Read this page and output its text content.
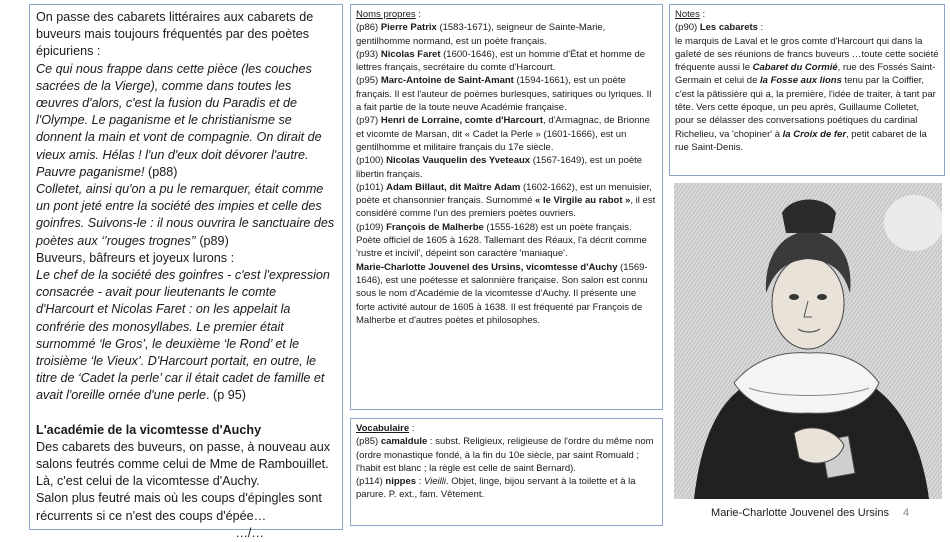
On passe des cabarets littéraires aux cabarets de buveurs mais toujours fréquentés par des poètes épicuriens :

Ce qui nous frappe dans cette pièce (les couches sacrées de la Vierge), comme dans toutes les œuvres d'alors, c'est la fusion du Paradis et de l'Olympe. Le paganisme et le christianisme se donnent la main et vont de compagnie. On dirait de vieux amis. Hélas ! l'un d'eux doit dévorer l'autre. Pauvre paganisme! (p88)

Colletet, ainsi qu'on a pu le remarquer, était comme un pont jeté entre la société des impies et celle des goinfres. Suivons-le : il nous ouvrira le sanctuaire des poètes aux ‘’rouges trognes’’ (p89)

Buveurs, bâfreurs et joyeux lurons :

Le chef de la société des goinfres - c'est l'expression consacrée - avait pour lieutenants le comte d'Harcourt et Nicolas Faret : on les appelait la confrérie des monosyllabes. Le premier était surnommé ‘le Gros’, le deuxième ‘le Rond’ et le troisième ‘le Vieux’. D'Harcourt portait, en outre, le titre de ‘Cadet la perle’ car il était cadet de famille et avait l'oreille ornée d'une perle. (p 95)

L'académie de la vicomtesse d'Auchy

Des cabarets des buveurs, on passe, à nouveau aux salons feutrés comme celui de Mme de Rambouillet. Là, c'est celui de la vicomtesse d'Auchy.

Salon plus feutré mais où les coups d'épingles sont récurrents si ce n'est des coups d'épée…

…/…

Noms propres :
(p86) Pierre Patrix (1583-1671), seigneur de Sainte-Marie, gentilhomme normand, est un poète français.
(p93) Nicolas Faret (1600-1646), est un homme d'État et homme de lettres français, secrétaire du comte d'Harcourt.
(p95) Marc-Antoine de Saint-Amant (1594-1661), est un poète français. Il est l'auteur de poèmes burlesques, satiriques ou lyriques. Il a fait partie de la toute neuve Académie française.
(p97) Henri de Lorraine, comte d'Harcourt, d'Armagnac, de Brionne et vicomte de Marsan, dit « Cadet la Perle » (1601-1666), est un gentilhomme et militaire français du 17e siècle.
(p100) Nicolas Vauquelin des Yveteaux (1567-1649), est un poète libertin français.
(p101) Adam Billaut, dit Maître Adam (1602-1662), est un menuisier, poète et chansonnier français. Surnommé « le Virgile au rabot », il est considéré comme l'un des premiers poètes ouvriers.
(p109) François de Malherbe (1555-1628) est un poète français. Poète officiel de 1605 à 1628. Tallemant des Réaux, l'a décrit comme 'rustre et incivil', dépeint son caractère 'maniaque'.
Marie-Charlotte Jouvenel des Ursins, vicomtesse d'Auchy (1569-1646), est une poétesse et salonnière française. Son salon est connu sous le nom d'Académie de la vicomtesse d'Auchy. Il présente une forte activité autour de 1605 à 1638. Il est fréquenté par François de Malherbe et d'autres poètes et philosophes.
Vocabulaire :
(p85) camaldule : subst. Religieux, religieuse de l'ordre du même nom (ordre monastique fondé, à la fin du 10e siècle, par saint Romuald ; l'habit est blanc ; la règle est celle de saint Bernard).
(p114) nippes : Vieilli. Objet, linge, bijou servant à la toilette et à la parure. P. ext., fam. Vêtement.
Notes :
(p90) Les cabarets :
le marquis de Laval et le gros comte d'Harcourt qui dans la gaîeté de ses réunions de francs buveurs …toute cette société fréquente aussi le Cabaret du Cormié, rue des Fossés Saint-Germain et celui de la Fosse aux lions tenu par la Coiffier, c'est la pâtissière qui a, la première, l'idée de traiter, à tant par tête. Vers cette époque, un peu après, Guillaume Colletet, pour se délasser des conversations poétiques du cardinal Richelieu, va 'chopiner' à la Croix de fer, petit cabaret de la rue Saint-Denis.
Marie-Charlotte Jouvenel des Ursins	4
